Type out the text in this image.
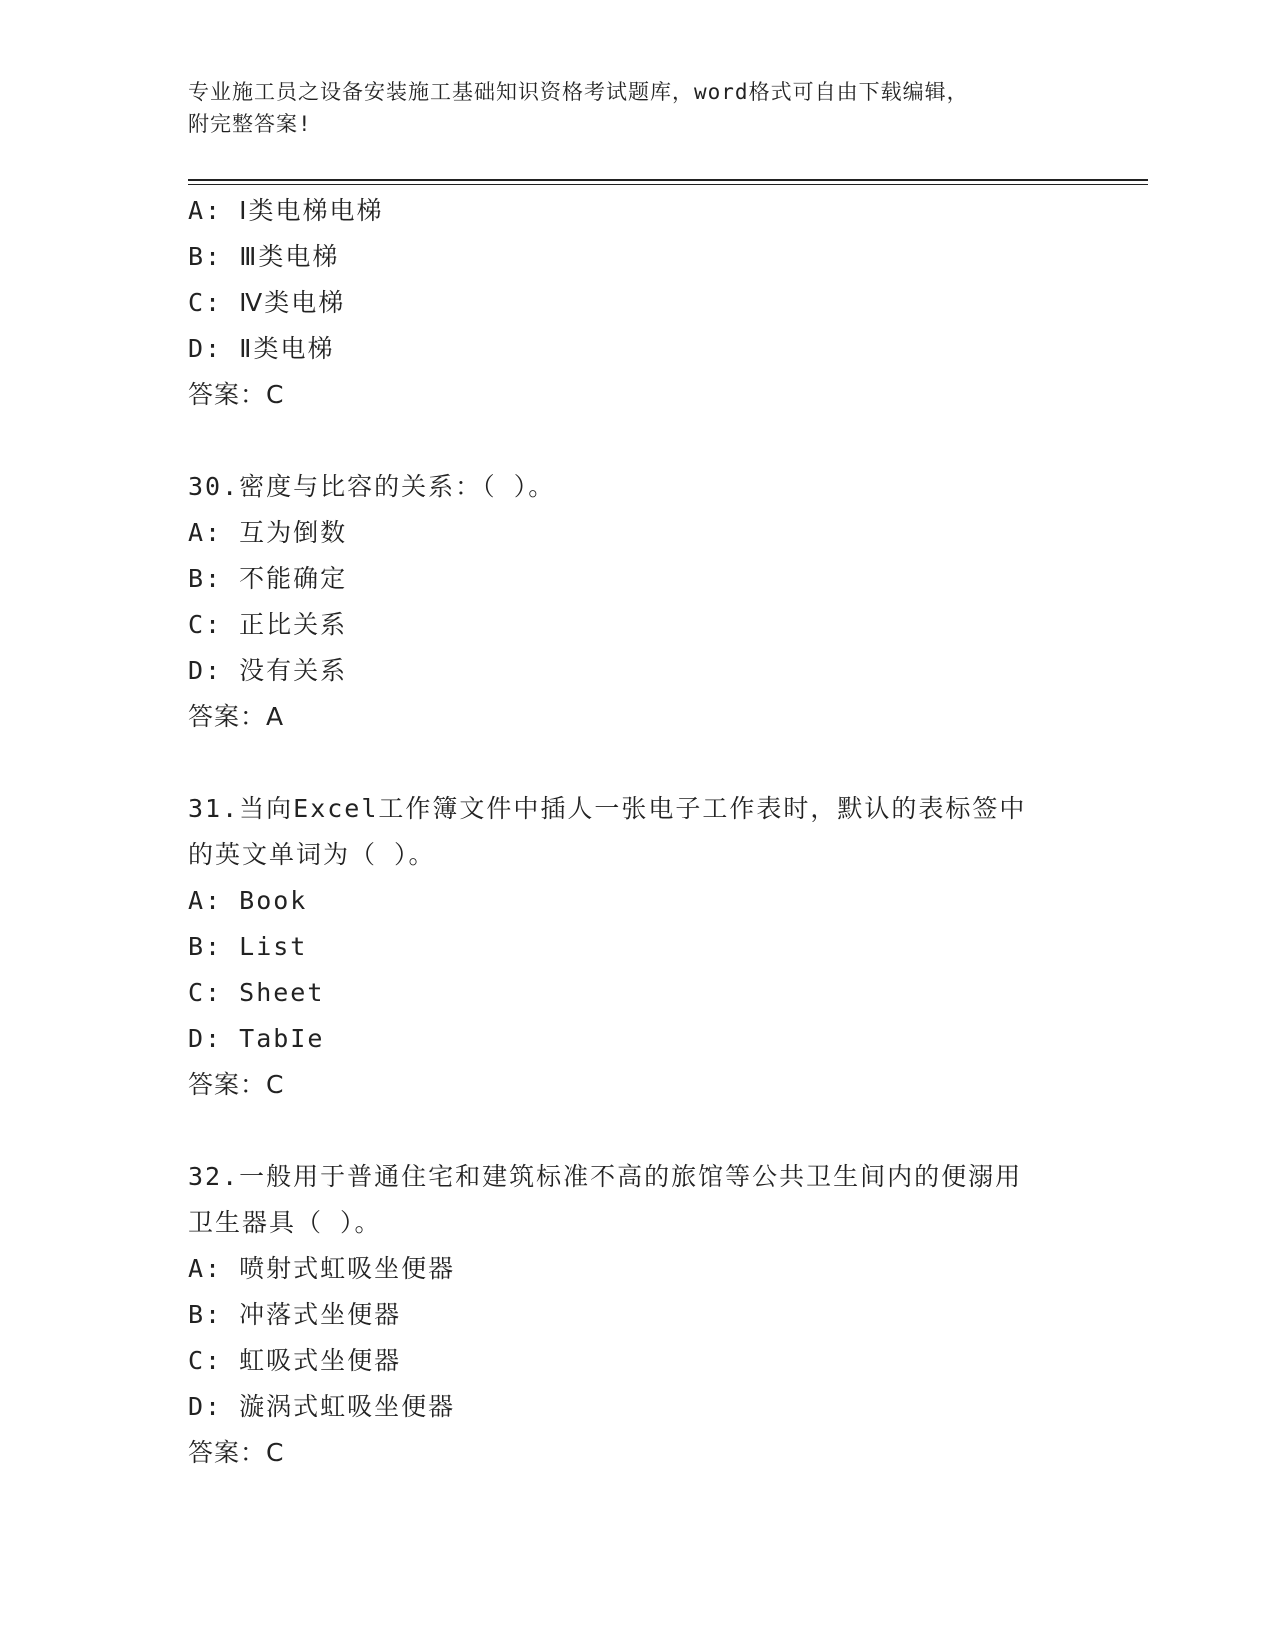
专业施工员之设备安装施工基础知识资格考试题库，word格式可自由下载编辑，
附完整答案!
A: Ⅰ类电梯电梯
B: Ⅲ类电梯
C: Ⅳ类电梯
D: Ⅱ类电梯
答案：C
30.密度与比容的关系：（ ）。
A: 互为倒数
B: 不能确定
C: 正比关系
D: 没有关系
答案：A
31.当向Excel工作簿文件中插人一张电子工作表时，默认的表标签中
的英文单词为（ ）。
A: Book
B: List
C: Sheet
D: TabIe
答案：C
32.一般用于普通住宅和建筑标准不高的旅馆等公共卫生间内的便溺用
卫生器具（ ）。
A: 喷射式虹吸坐便器
B: 冲落式坐便器
C: 虹吸式坐便器
D: 漩涡式虹吸坐便器
答案：C
